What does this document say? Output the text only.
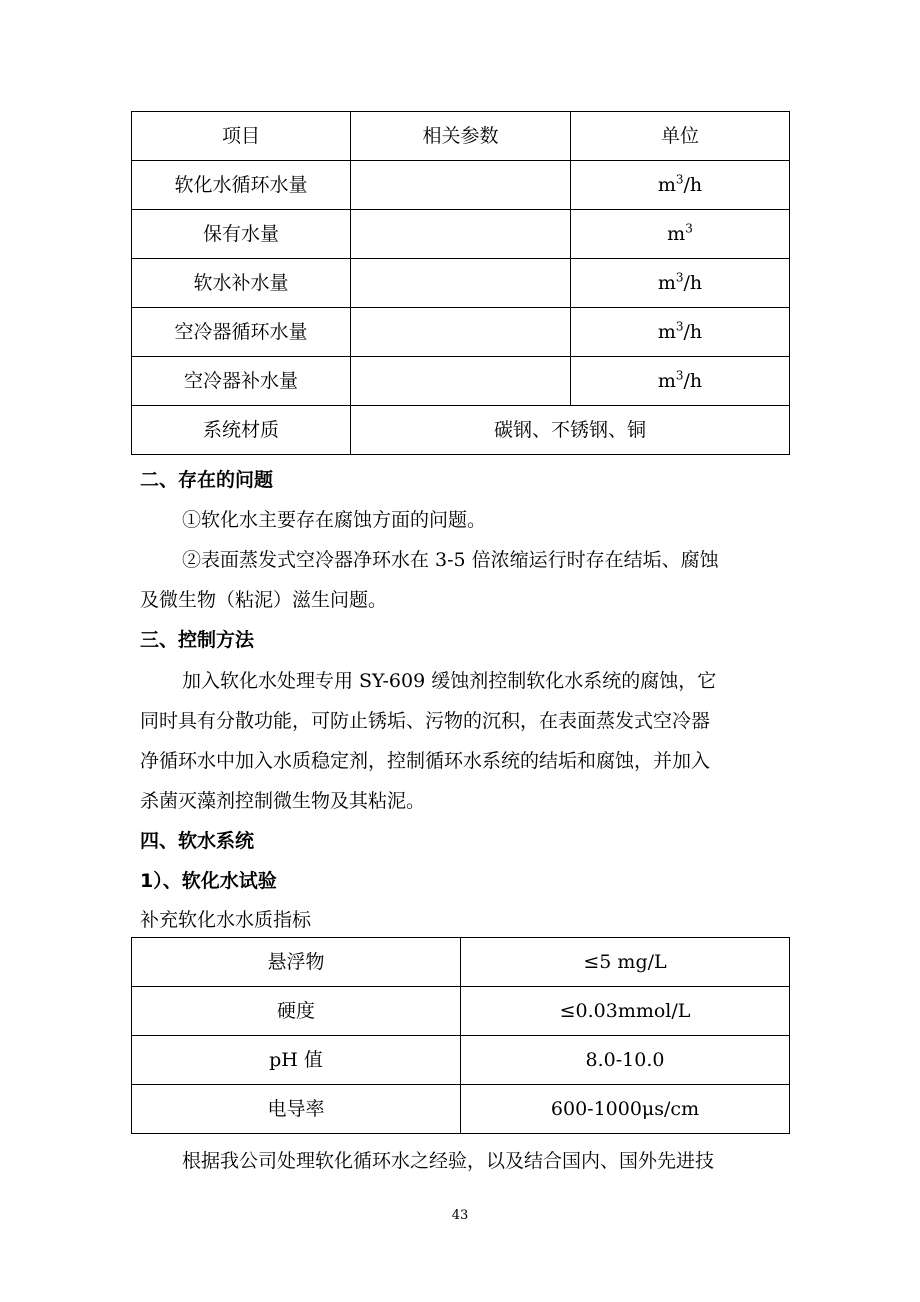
项目	相关参数	单位
软化水循环水量		$m^3/h$
保有水量		$m^3$
软水补水量		$m^3/h$
空冷器循环水量		$m^3/h$
空冷器补水量		$m^3/h$
系统材质	碳钢、不锈钢、铜	
二、存在的问题
①软化水主要存在腐蚀方面的问题。
②表面蒸发式空冷器净环水在 3-5 倍浓缩运行时存在结垢、腐蚀
及微生物（粘泥）滋生问题。
三、控制方法
加入软化水处理专用 SY-609 缓蚀剂控制软化水系统的腐蚀，它
同时具有分散功能，可防止锈垢、污物的沉积，在表面蒸发式空冷器
净循环水中加入水质稳定剂，控制循环水系统的结垢和腐蚀，并加入
杀菌灭藻剂控制微生物及其粘泥。
四、软水系统
1）、软化水试验
补充软化水水质指标
悬浮物	≤5 mg/L
硬度	≤0.03mmol/L
pH 值	8.0-10.0
电导率	600-1000μs/cm
根据我公司处理软化循环水之经验，以及结合国内、国外先进技
43
